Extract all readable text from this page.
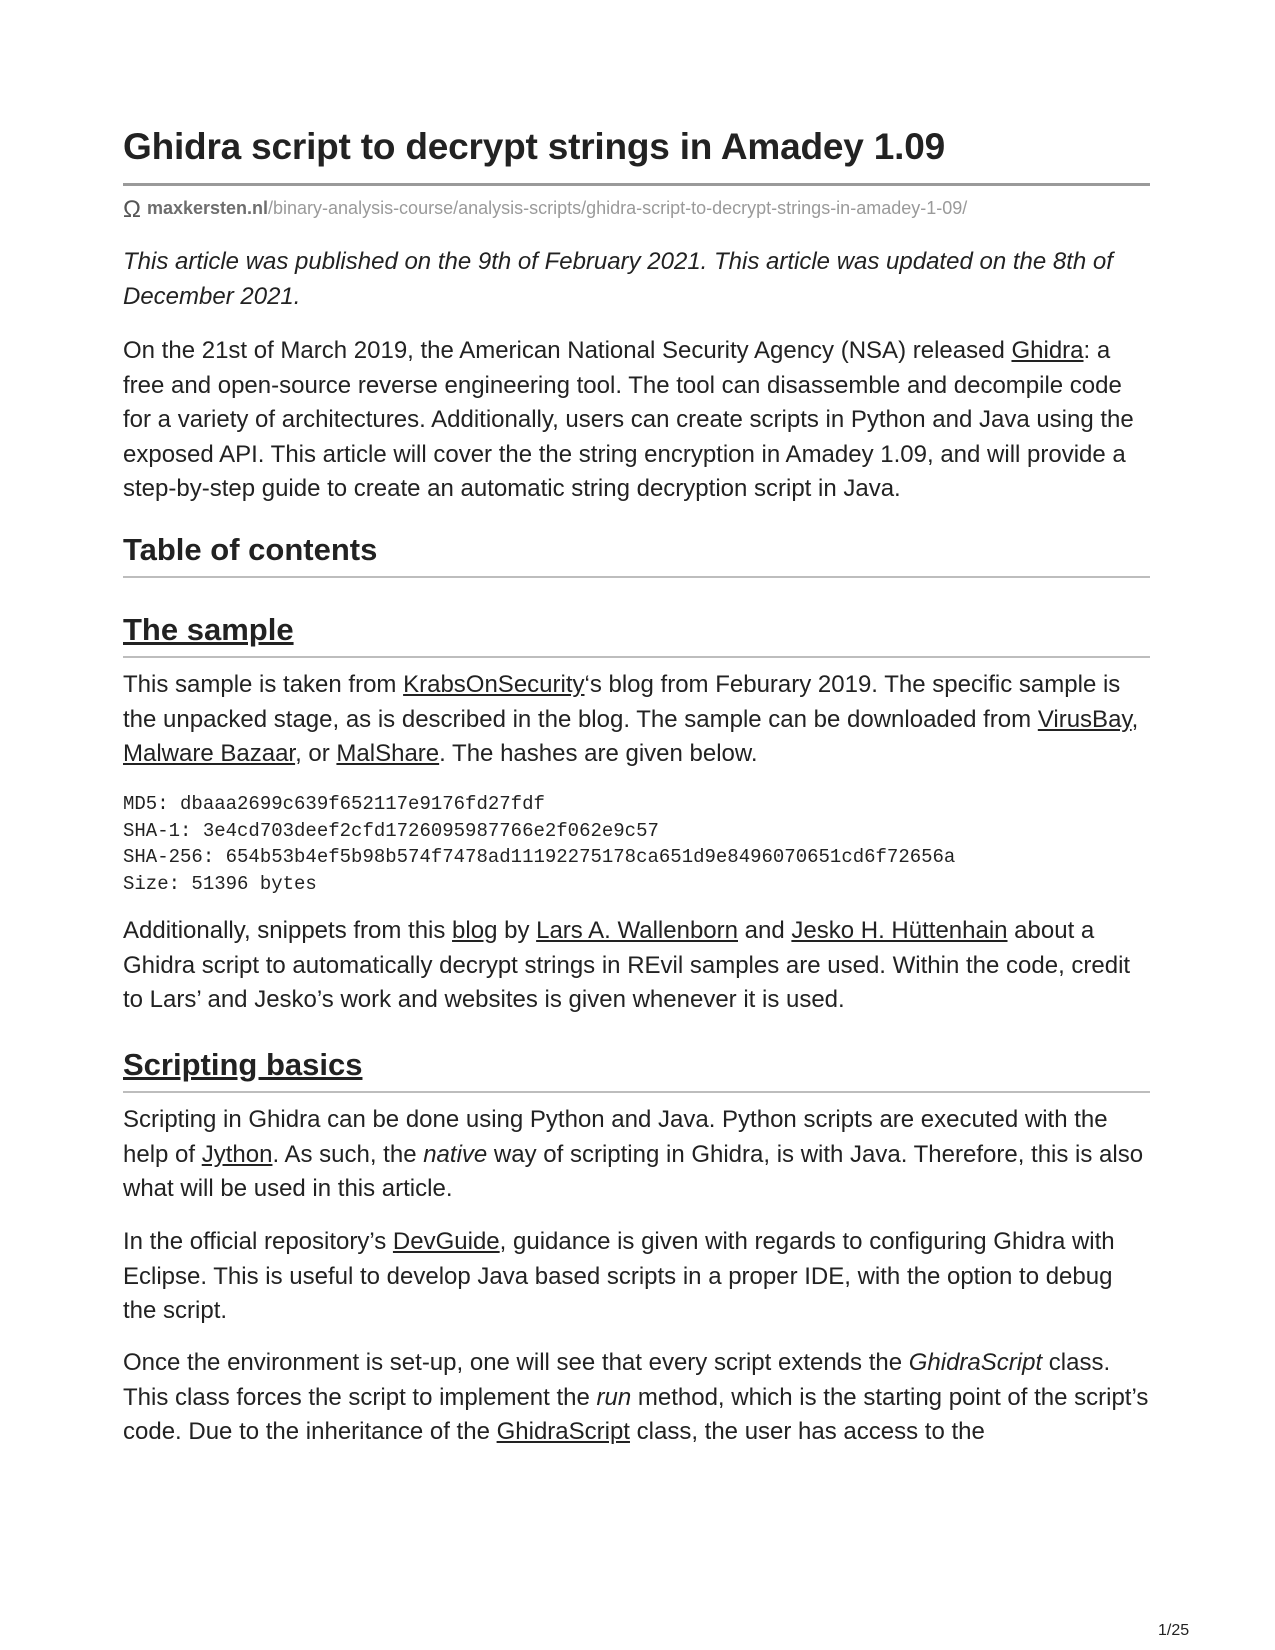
Ghidra script to decrypt strings in Amadey 1.09
Ω maxkersten.nl/binary-analysis-course/analysis-scripts/ghidra-script-to-decrypt-strings-in-amadey-1-09/

This article was published on the 9th of February 2021. This article was updated on the 8th of December 2021.

On the 21st of March 2019, the American National Security Agency (NSA) released Ghidra: a free and open-source reverse engineering tool. The tool can disassemble and decompile code for a variety of architectures. Additionally, users can create scripts in Python and Java using the exposed API. This article will cover the the string encryption in Amadey 1.09, and will provide a step-by-step guide to create an automatic string decryption script in Java.

Table of contents
The sample

This sample is taken from KrabsOnSecurity‘s blog from Feburary 2019. The specific sample is the unpacked stage, as is described in the blog. The sample can be downloaded from VirusBay, Malware Bazaar, or MalShare. The hashes are given below.

MD5: dbaaa2699c639f652117e9176fd27fdf
SHA-1: 3e4cd703deef2cfd1726095987766e2f062e9c57
SHA-256: 654b53b4ef5b98b574f7478ad11192275178ca651d9e8496070651cd6f72656a
Size: 51396 bytes

Additionally, snippets from this blog by Lars A. Wallenborn and Jesko H. Hüttenhain about a Ghidra script to automatically decrypt strings in REvil samples are used. Within the code, credit to Lars’ and Jesko’s work and websites is given whenever it is used.

Scripting basics

Scripting in Ghidra can be done using Python and Java. Python scripts are executed with the help of Jython. As such, the native way of scripting in Ghidra, is with Java. Therefore, this is also what will be used in this article.

In the official repository’s DevGuide, guidance is given with regards to configuring Ghidra with Eclipse. This is useful to develop Java based scripts in a proper IDE, with the option to debug the script.

Once the environment is set-up, one will see that every script extends the GhidraScript class. This class forces the script to implement the run method, which is the starting point of the script’s code. Due to the inheritance of the GhidraScript class, the user has access to the

1/25
